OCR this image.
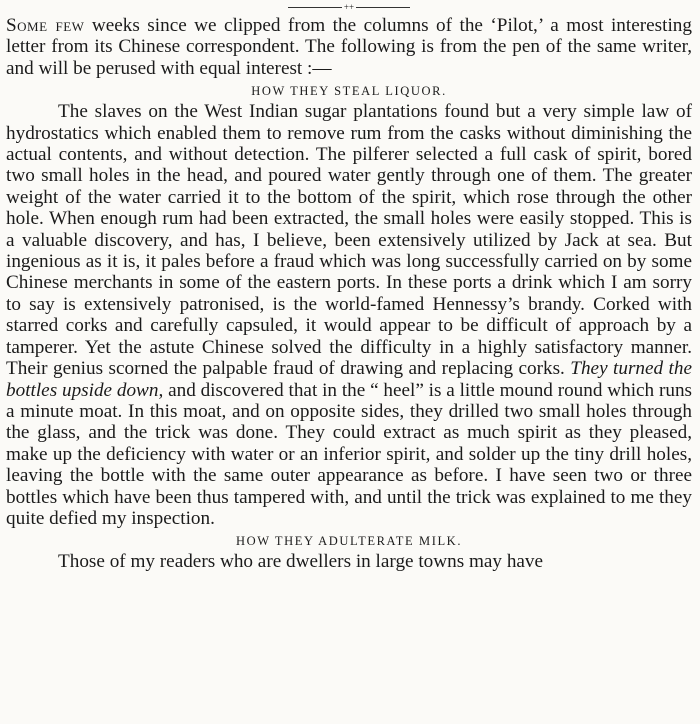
++

Some few weeks since we clipped from the columns of the ‘Pilot,’ a most interesting letter from its Chinese correspondent. The following is from the pen of the same writer, and will be perused with equal interest :—

HOW THEY STEAL LIQUOR.

The slaves on the West Indian sugar plantations found but a very simple law of hydrostatics which enabled them to remove rum from the casks without diminishing the actual contents, and without detection. The pilferer selected a full cask of spirit, bored two small holes in the head, and poured water gently through one of them. The greater weight of the water carried it to the bottom of the spirit, which rose through the other hole. When enough rum had been extracted, the small holes were easily stopped. This is a valuable discovery, and has, I believe, been extensively utilized by Jack at sea. But ingenious as it is, it pales before a fraud which was long successfully carried on by some Chinese merchants in some of the eastern ports. In these ports a drink which I am sorry to say is extensively patronised, is the world-famed Hennessy’s brandy. Corked with starred corks and carefully capsuled, it would appear to be difficult of approach by a tamperer. Yet the astute Chinese solved the difficulty in a highly satisfactory manner. Their genius scorned the palpable fraud of drawing and replacing corks. They turned the bottles upside down, and discovered that in the “ heel” is a little mound round which runs a minute moat. In this moat, and on opposite sides, they drilled two small holes through the glass, and the trick was done. They could extract as much spirit as they pleased, make up the deficiency with water or an inferior spirit, and solder up the tiny drill holes, leaving the bottle with the same outer appearance as before. I have seen two or three bottles which have been thus tampered with, and until the trick was explained to me they quite defied my inspection.

HOW THEY ADULTERATE MILK.

Those of my readers who are dwellers in large towns may have
